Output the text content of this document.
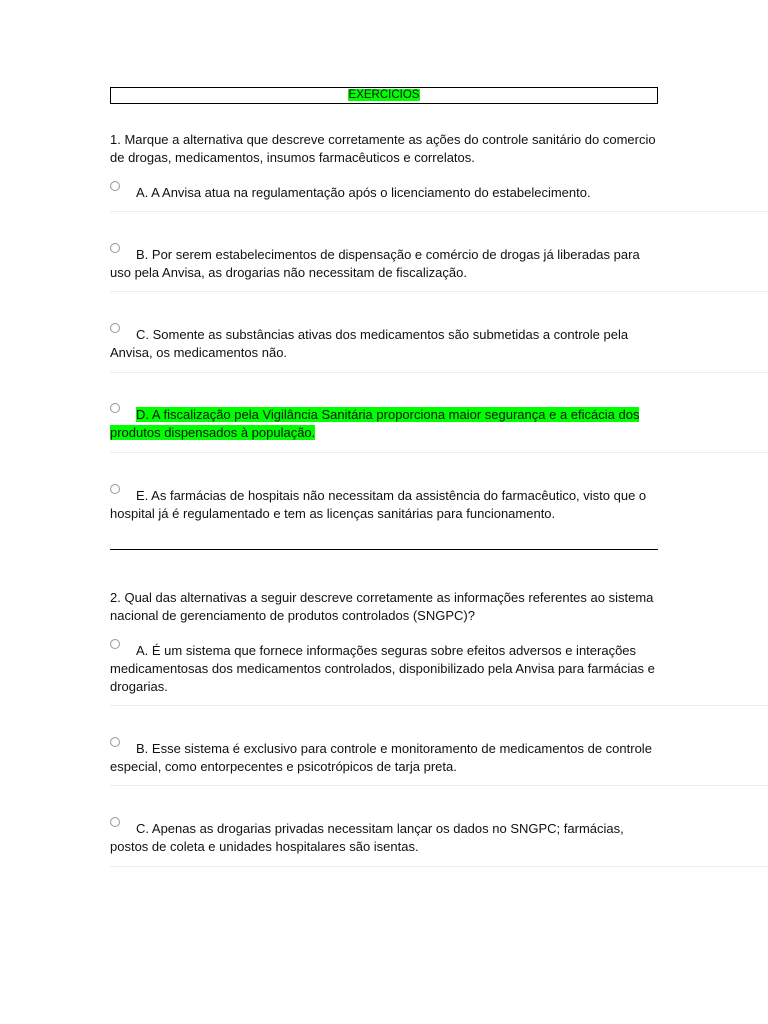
EXERCICIOS
1. Marque a alternativa que descreve corretamente as ações do controle sanitário do comercio de drogas, medicamentos, insumos farmacêuticos e correlatos.
A. A Anvisa atua na regulamentação após o licenciamento do estabelecimento.
B. Por serem estabelecimentos de dispensação e comércio de drogas já liberadas para uso pela Anvisa, as drogarias não necessitam de fiscalização.
C. Somente as substâncias ativas dos medicamentos são submetidas a controle pela Anvisa, os medicamentos não.
D. A fiscalização pela Vigilância Sanitária proporciona maior segurança e a eficácia dos produtos dispensados à população.
E. As farmácias de hospitais não necessitam da assistência do farmacêutico, visto que o hospital já é regulamentado e tem as licenças sanitárias para funcionamento.
2. Qual das alternativas a seguir descreve corretamente as informações referentes ao sistema nacional de gerenciamento de produtos controlados (SNGPC)?
A. É um sistema que fornece informações seguras sobre efeitos adversos e interações medicamentosas dos medicamentos controlados, disponibilizado pela Anvisa para farmácias e drogarias.
B. Esse sistema é exclusivo para controle e monitoramento de medicamentos de controle especial, como entorpecentes e psicotrópicos de tarja preta.
C. Apenas as drogarias privadas necessitam lançar os dados no SNGPC; farmácias, postos de coleta e unidades hospitalares são isentas.
